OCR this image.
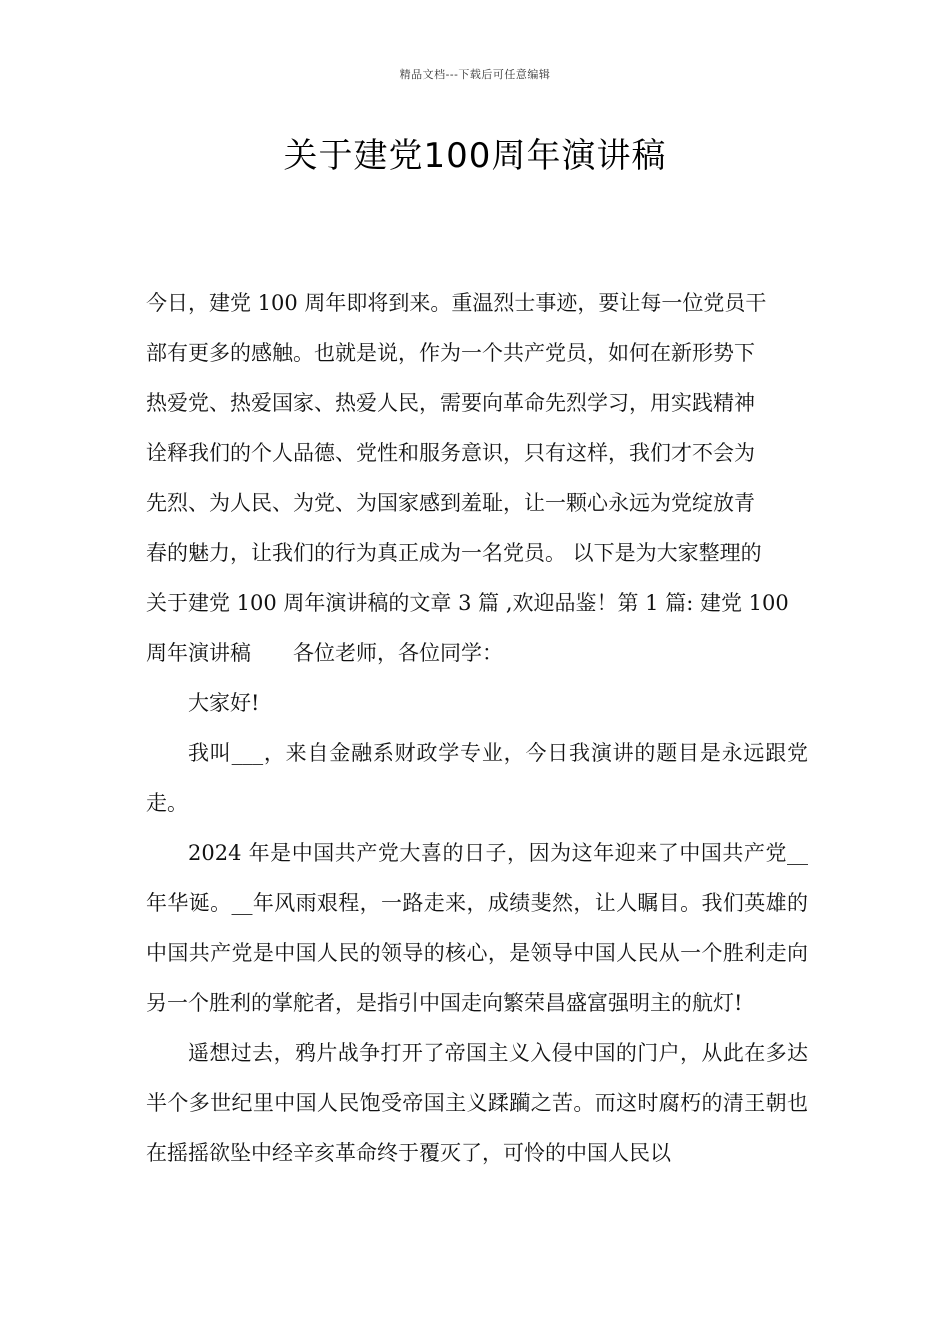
精品文档---下载后可任意编辑
关于建党100周年演讲稿

今日，建党 100 周年即将到来。重温烈士事迹，要让每一位党员干

部有更多的感触。也就是说，作为一个共产党员，如何在新形势下

热爱党、热爱国家、热爱人民，需要向革命先烈学习，用实践精神

诠释我们的个人品德、党性和服务意识，只有这样，我们才不会为

先烈、为人民、为党、为国家感到羞耻，让一颗心永远为党绽放青

春的魅力，让我们的行为真正成为一名党员。 以下是为大家整理的

关于建党 100 周年演讲稿的文章 3 篇 ,欢迎品鉴！第 1 篇: 建党 100

周年演讲稿 各位老师，各位同学：

大家好!

我叫___，来自金融系财政学专业，今日我演讲的题目是永远跟党走。

2024 年是中国共产党大喜的日子，因为这年迎来了中国共产党__年华诞。__年风雨艰程，一路走来，成绩斐然，让人瞩目。我们英雄的中国共产党是中国人民的领导的核心，是领导中国人民从一个胜利走向另一个胜利的掌舵者，是指引中国走向繁荣昌盛富强明主的航灯!

遥想过去，鸦片战争打开了帝国主义入侵中国的门户，从此在多达半个多世纪里中国人民饱受帝国主义蹂躏之苦。而这时腐朽的清王朝也在摇摇欲坠中经辛亥革命终于覆灭了，可怜的中国人民以
